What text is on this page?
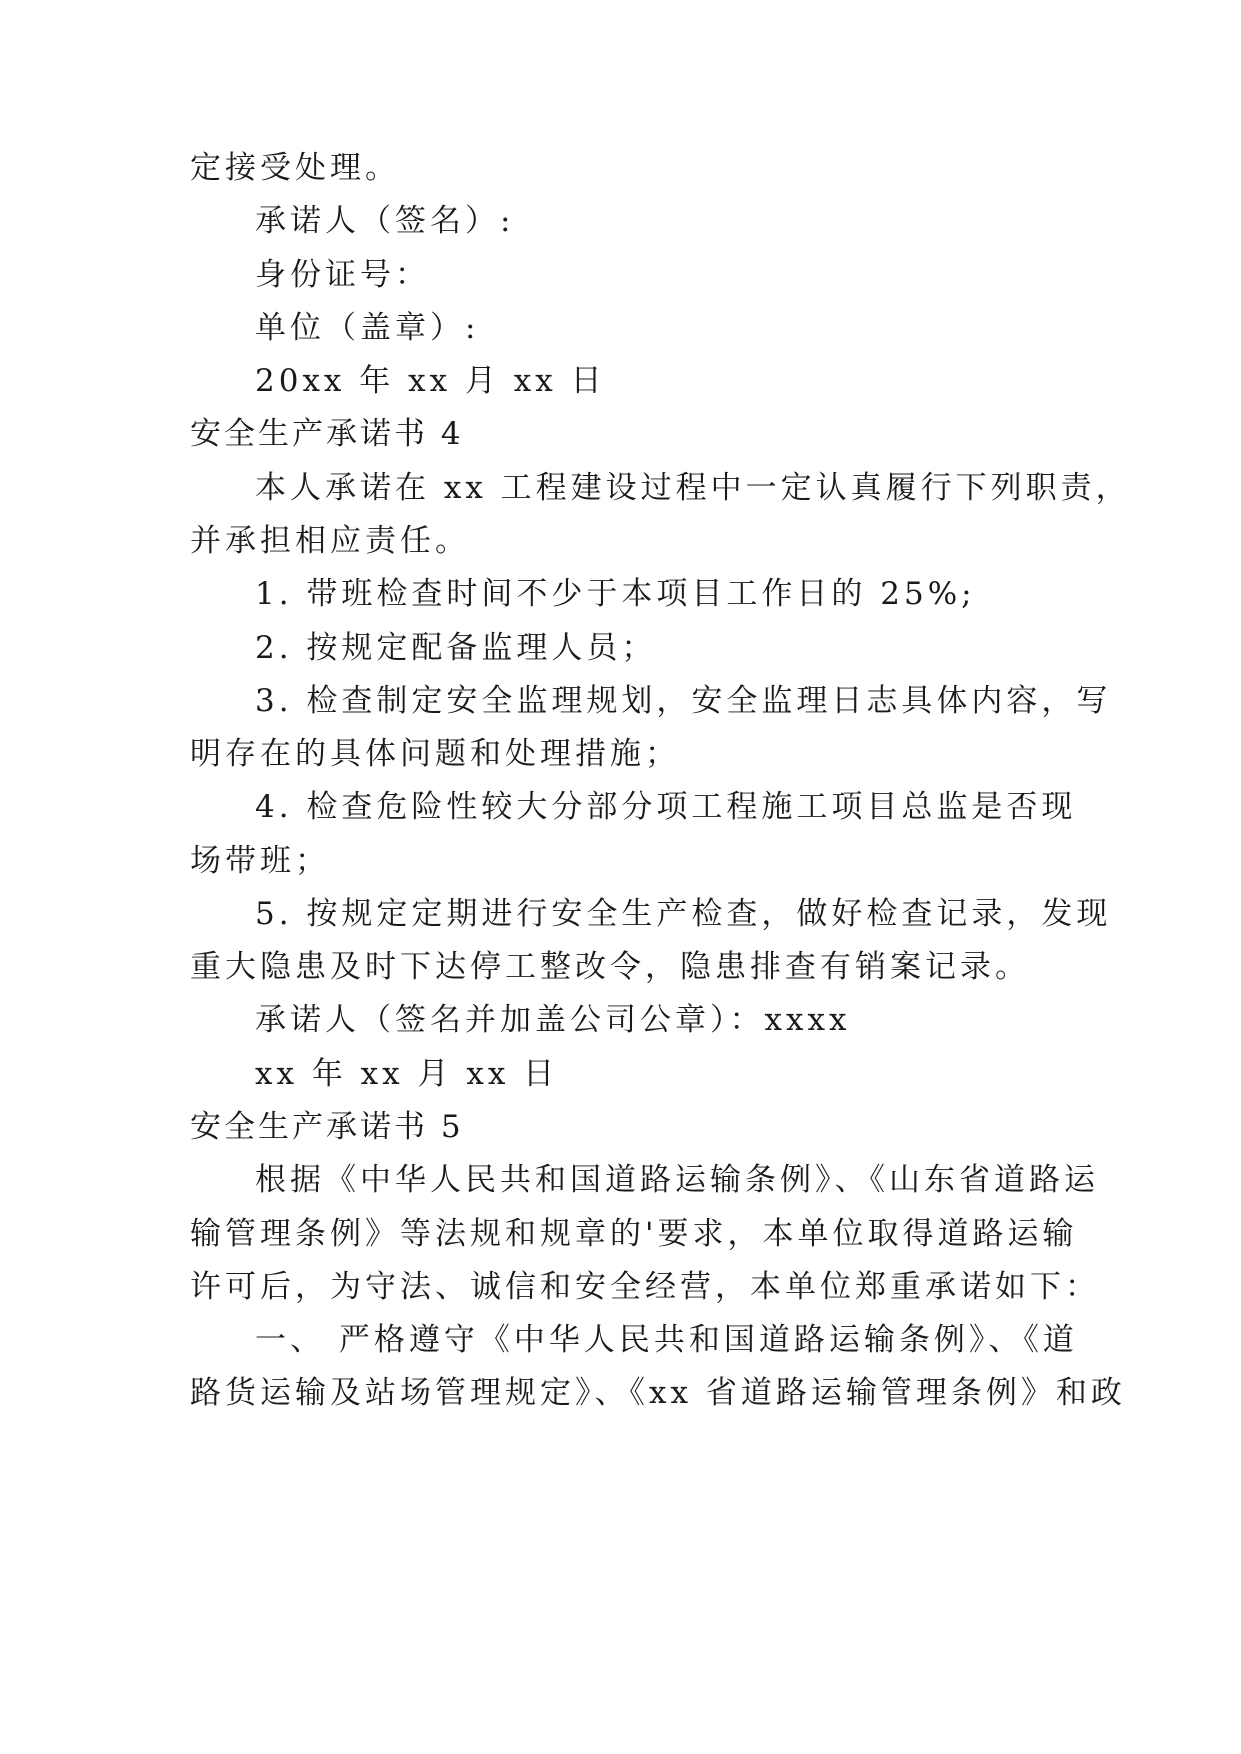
定接受处理。
承诺人（签名）:
身份证号：
单位（盖章）:
20xx 年 xx 月 xx 日
安全生产承诺书 4
本人承诺在 xx 工程建设过程中一定认真履行下列职责，
并承担相应责任。
1. 带班检查时间不少于本项目工作日的 25%;
2. 按规定配备监理人员；
3. 检查制定安全监理规划，安全监理日志具体内容，写
明存在的具体问题和处理措施；
4. 检查危险性较大分部分项工程施工项目总监是否现
场带班；
5. 按规定定期进行安全生产检查，做好检查记录，发现
重大隐患及时下达停工整改令，隐患排查有销案记录。
承诺人（签名并加盖公司公章）：xxxx
xx 年 xx 月 xx 日
安全生产承诺书 5
根据《中华人民共和国道路运输条例》、《山东省道路运
输管理条例》等法规和规章的'要求，本单位取得道路运输
许可后，为守法、诚信和安全经营，本单位郑重承诺如下：
一、 严格遵守《中华人民共和国道路运输条例》、《道
路货运输及站场管理规定》、《xx 省道路运输管理条例》和政
